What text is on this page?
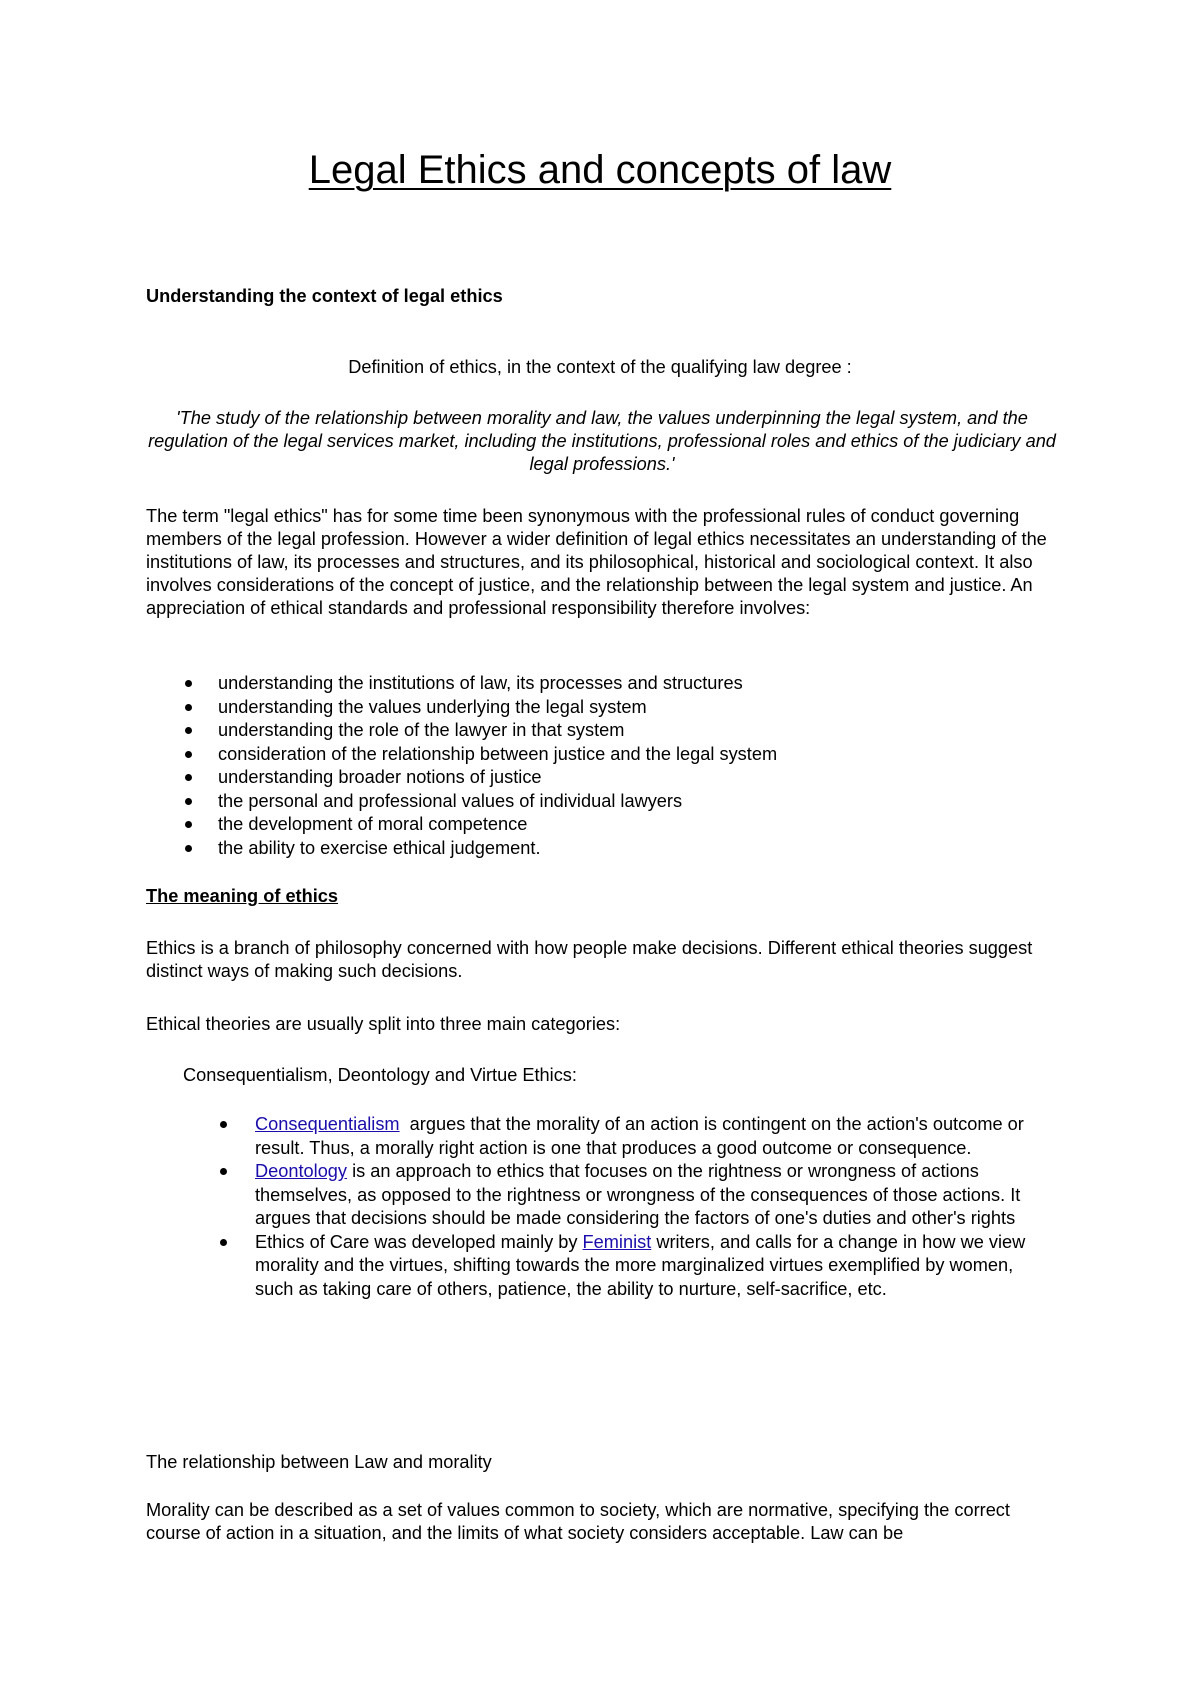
Legal Ethics and concepts of law

Understanding the context of legal ethics

Definition of ethics, in the context of the qualifying law degree :

'The study of the relationship between morality and law, the values underpinning the legal system, and the regulation of the legal services market, including the institutions, professional roles and ethics of the judiciary and legal professions.'

The term "legal ethics" has for some time been synonymous with the professional rules of conduct governing members of the legal profession. However a wider definition of legal ethics necessitates an understanding of the institutions of law, its processes and structures, and its philosophical, historical and sociological context. It also involves considerations of the concept of justice, and the relationship between the legal system and justice. An appreciation of ethical standards and professional responsibility therefore involves:

understanding the institutions of law, its processes and structures
understanding the values underlying the legal system
understanding the role of the lawyer in that system
consideration of the relationship between justice and the legal system
understanding broader notions of justice
the personal and professional values of individual lawyers
the development of moral competence
the ability to exercise ethical judgement.

The meaning of ethics

Ethics is a branch of philosophy concerned with how people make decisions. Different ethical theories suggest distinct ways of making such decisions.

Ethical theories are usually split into three main categories:

Consequentialism, Deontology and Virtue Ethics:

Consequentialism  argues that the morality of an action is contingent on the action's outcome or result. Thus, a morally right action is one that produces a good outcome or consequence.
Deontology is an approach to ethics that focuses on the rightness or wrongness of actions themselves, as opposed to the rightness or wrongness of the consequences of those actions. It argues that decisions should be made considering the factors of one's duties and other's rights
Ethics of Care was developed mainly by Feminist writers, and calls for a change in how we view morality and the virtues, shifting towards the more marginalized virtues exemplified by women, such as taking care of others, patience, the ability to nurture, self-sacrifice, etc.

The relationship between Law and morality

Morality can be described as a set of values common to society, which are normative, specifying the correct course of action in a situation, and the limits of what society considers acceptable. Law can be
